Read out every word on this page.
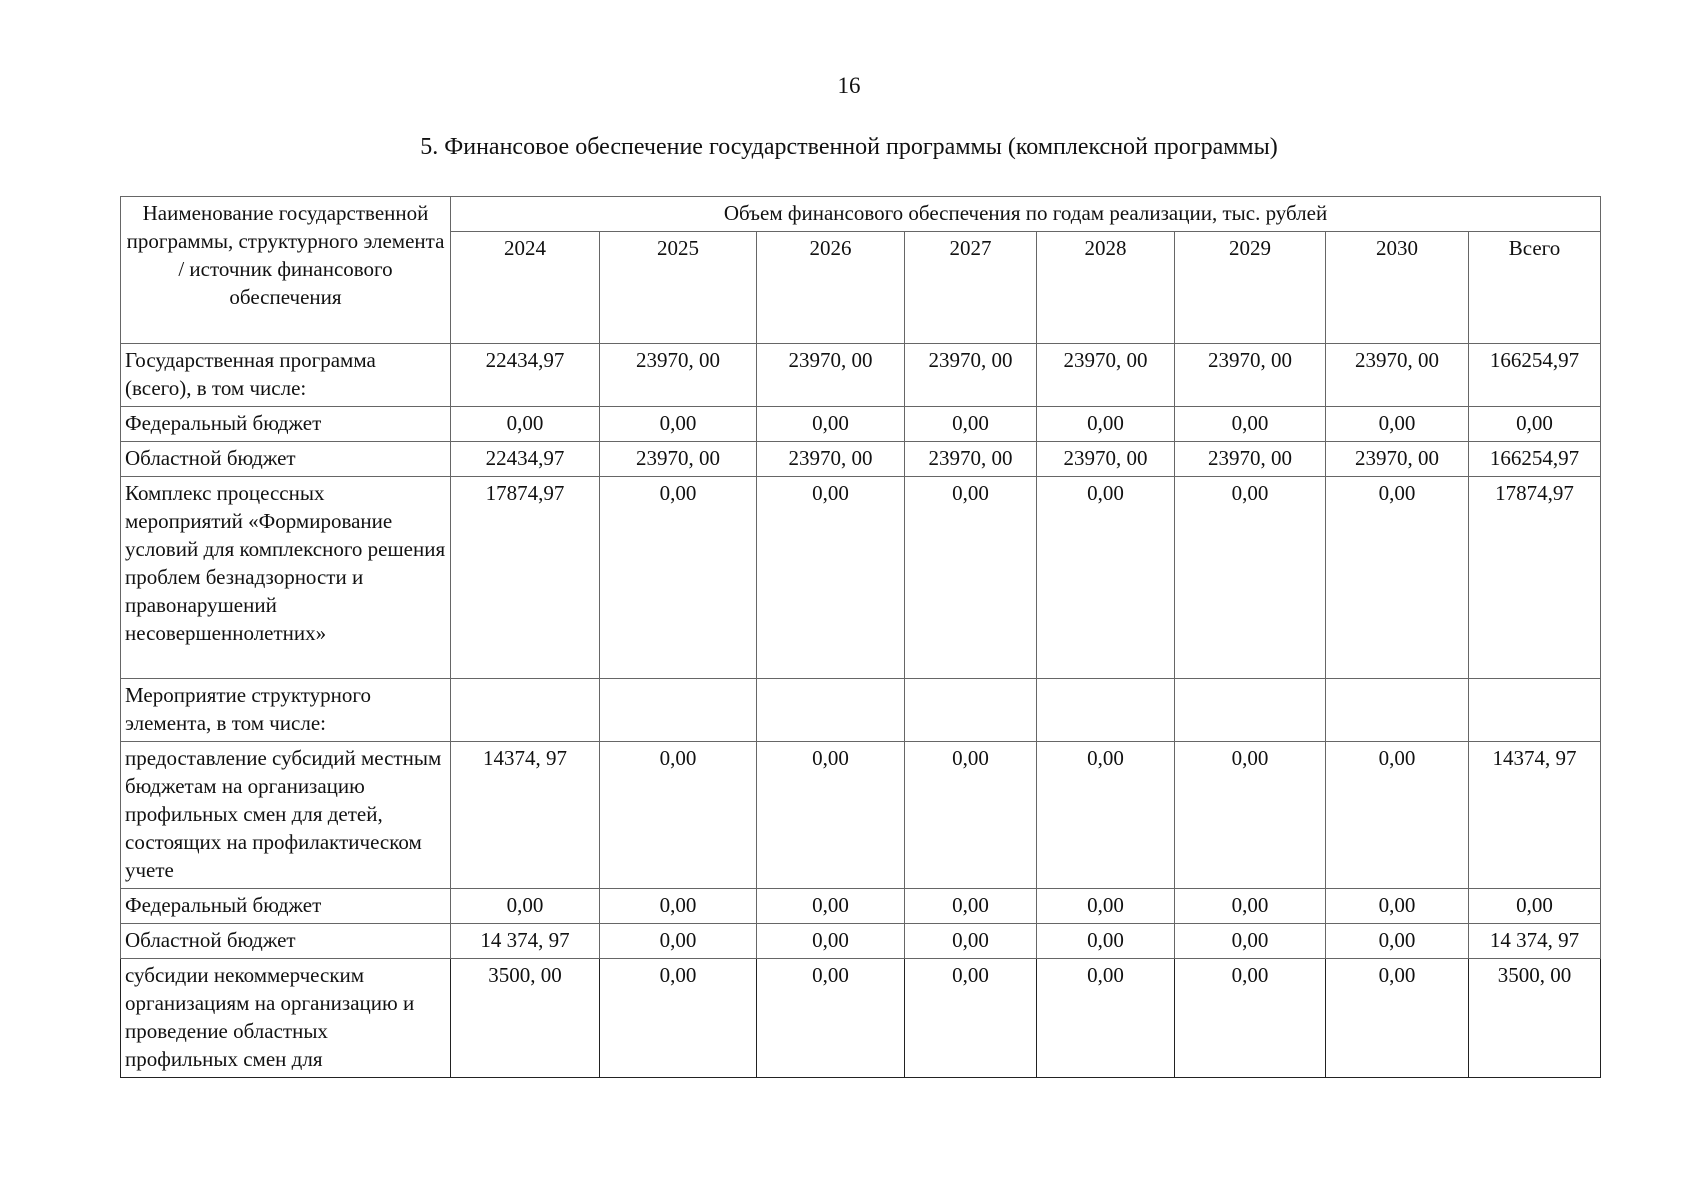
16
5. Финансовое обеспечение государственной программы (комплексной программы)
Наименование государственной программы, структурного элемента / источник финансового обеспечения	Объем финансового обеспечения по годам реализации, тыс. рублей							
	2024	2025	2026	2027	2028	2029	2030	Всего
Государственная программа (всего), в том числе:	22434,97	23970, 00	23970, 00	23970, 00	23970, 00	23970, 00	23970, 00	166254,97
Федеральный бюджет	0,00	0,00	0,00	0,00	0,00	0,00	0,00	0,00
Областной бюджет	22434,97	23970, 00	23970, 00	23970, 00	23970, 00	23970, 00	23970, 00	166254,97
Комплекс процессных мероприятий «Формирование условий для комплексного решения проблем безнадзорности и правонарушений несовершеннолетних»	17874,97	0,00	0,00	0,00	0,00	0,00	0,00	17874,97
Мероприятие структурного элемента, в том числе:								
предоставление субсидий местным бюджетам на организацию профильных смен для детей, состоящих на профилактическом учете	14374, 97	0,00	0,00	0,00	0,00	0,00	0,00	14374, 97
Федеральный бюджет	0,00	0,00	0,00	0,00	0,00	0,00	0,00	0,00
Областной бюджет	14 374, 97	0,00	0,00	0,00	0,00	0,00	0,00	14 374, 97
субсидии некоммерческим организациям на организацию и проведение областных профильных смен для	3500, 00	0,00	0,00	0,00	0,00	0,00	0,00	3500, 00
